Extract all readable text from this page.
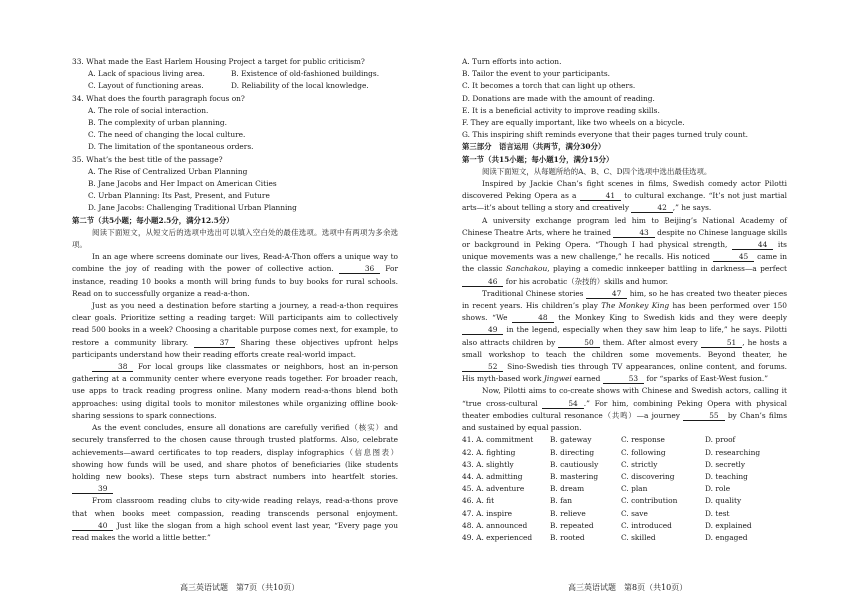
33. What made the East Harlem Housing Project a target for public criticism?

A. Lack of spacious living area.	B. Existence of old-fashioned buildings.
C. Layout of functioning areas.	D. Reliability of the local knowledge.

34. What does the fourth paragraph focus on?

A. The role of social interaction.
B. The complexity of urban planning.
C. The need of changing the local culture.
D. The limitation of the spontaneous orders.

35. What’s the best title of the passage?

A. The Rise of Centralized Urban Planning
B. Jane Jacobs and Her Impact on American Cities
C. Urban Planning: Its Past, Present, and Future
D. Jane Jacobs: Challenging Traditional Urban Planning

第二节（共5小题；每小题2.5分，满分12.5分）

阅读下面短文，从短文后的选项中选出可以填入空白处的最佳选项。选项中有两项为多余选项。

In an age where screens dominate our lives, Read-A-Thon offers a unique way to combine the joy of reading with the power of collective action.	36 For instance, reading 10 books a month will bring funds to buy books for rural schools. Read on to successfully organize a read-a-thon.

Just as you need a destination before starting a journey, a read-a-thon requires clear goals. Prioritize setting a reading target: Will participants aim to collectively read 500 books in a week? Choosing a charitable purpose comes next, for example, to restore a community library.	37 Sharing these objectives upfront helps participants understand how their reading efforts create real-world impact.

38 For local groups like classmates or neighbors, host an in-person gathering at a community center where everyone reads together. For broader reach, use apps to track reading progress online. Many modern read-a-thons blend both approaches: using digital tools to monitor milestones while organizing offline book-sharing sessions to spark connections.

As the event concludes, ensure all donations are carefully verified（核实）and securely transferred to the chosen cause through trusted platforms. Also, celebrate achievements—award certificates to top readers, display infographics（信息图表）showing how funds will be used, and share photos of beneficiaries (like students holding new books). These steps turn abstract numbers into heartfelt stories. 39

From classroom reading clubs to city-wide reading relays, read-a-thons prove that when books meet compassion, reading transcends personal enjoyment. 40 Just like the slogan from a high school event last year, “Every page you read makes the world a little better.”

A. Turn efforts into action.

B. Tailor the event to your participants.

C. It becomes a torch that can light up others.

D. Donations are made with the amount of reading.

E. It is a beneficial activity to improve reading skills.

F. They are equally important, like two wheels on a bicycle.

G. This inspiring shift reminds everyone that their pages turned truly count.

第三部分　语言运用（共两节，满分30分）

第一节（共15小题；每小题1分，满分15分）

阅读下面短文，从每题所给的A、B、C、D四个选项中选出最佳选项。

Inspired by Jackie Chan’s fight scenes in films, Swedish comedy actor Pilotti discovered Peking Opera as a	41 to cultural exchange. “It’s not just martial arts—it’s about telling a story and creatively	42 ,” he says.

A university exchange program led him to Beijing’s National Academy of Chinese Theatre Arts, where he trained	43 despite no Chinese language skills or background in Peking Opera. “Though I had physical strength,	44 its unique movements was a new challenge,” he recalls. His noticed	45 came in the classic Sanchakou, playing a comedic innkeeper battling in darkness—a perfect 46 for his acrobatic（杂技的）skills and humor.

Traditional Chinese stories	47 him, so he has created two theater pieces in recent years. His children’s play The Monkey King has been performed over 150 shows. “We	48 the Monkey King to Swedish kids and they were deeply 49 in the legend, especially when they saw him leap to life,” he says. Pilotti also attracts children by	50 them. After almost every	51 , he hosts a small workshop to teach the children some movements. Beyond theater, he 52 Sino-Swedish ties through TV appearances, online content, and forums. His myth-based work Jingwei earned	53 for “sparks of East-West fusion.”

Now, Pilotti aims to co-create shows with Chinese and Swedish actors, calling it “true cross-cultural	54 .” For him, combining Peking Opera with physical theater embodies cultural resonance（共鸣）—a journey	55 by Chan’s films and sustained by equal passion.

41. A. commitment	B. gateway	C. response	D. proof
42. A. fighting	B. directing	C. following	D. researching
43. A. slightly	B. cautiously	C. strictly	D. secretly
44. A. admitting	B. mastering	C. discovering	D. teaching
45. A. adventure	B. dream	C. plan	D. role
46. A. fit	B. fan	C. contribution	D. quality
47. A. inspire	B. relieve	C. save	D. test
48. A. announced	B. repeated	C. introduced	D. explained
49. A. experienced	B. rooted	C. skilled	D. engaged
高三英语试题　第7页（共10页）	高三英语试题　第8页（共10页）
